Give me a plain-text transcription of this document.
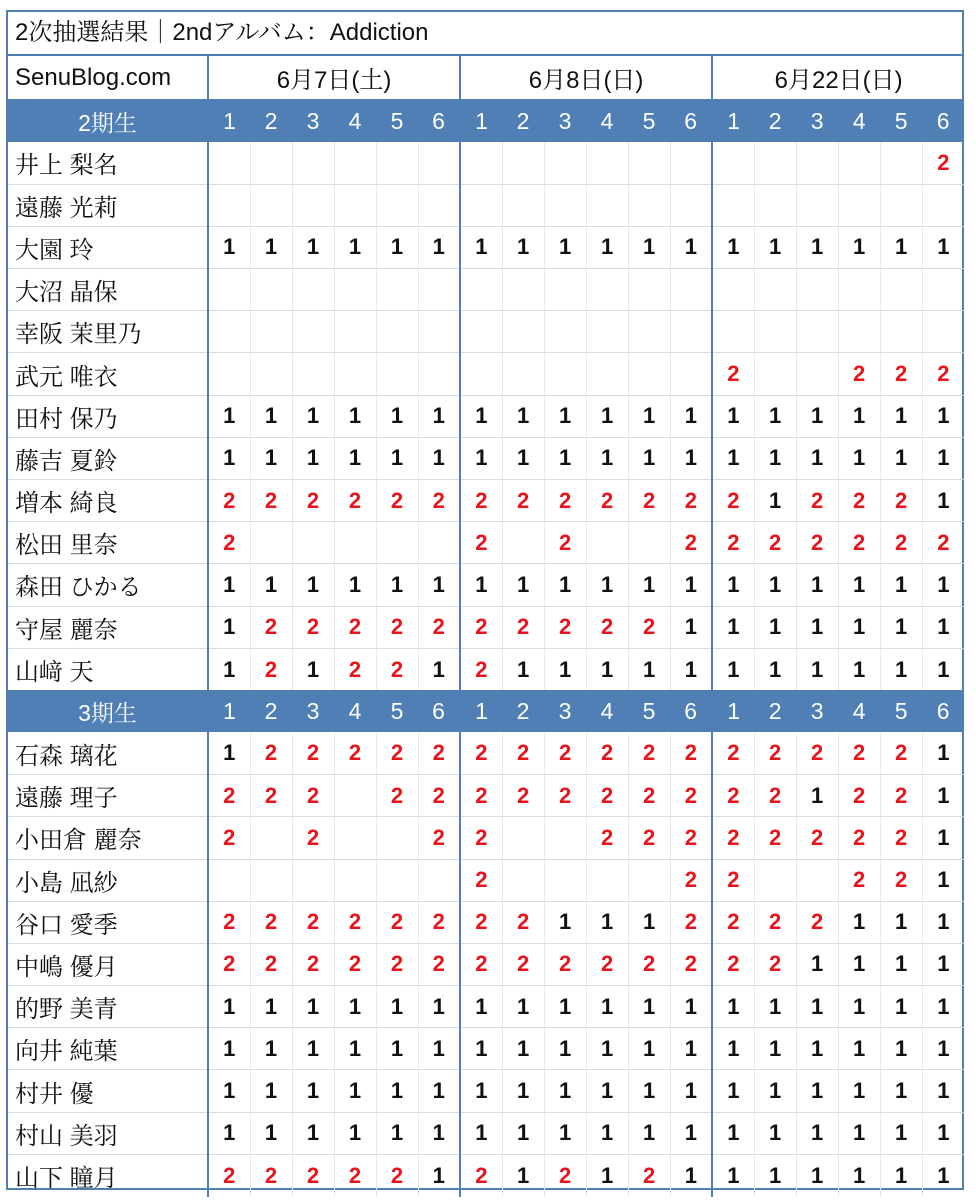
2次抽選結果｜2ndアルバム：Addiction
SenuBlog.com	6月7日(土)						6月8日(日)						6月22日(日)					
2期生	1	2	3	4	5	6	1	2	3	4	5	6	1	2	3	4	5	6
井上 梨名																		2
遠藤 光莉																		
大園 玲	1	1	1	1	1	1	1	1	1	1	1	1	1	1	1	1	1	1
大沼 晶保																		
幸阪 茉里乃																		
武元 唯衣													2			2	2	2
田村 保乃	1	1	1	1	1	1	1	1	1	1	1	1	1	1	1	1	1	1
藤吉 夏鈴	1	1	1	1	1	1	1	1	1	1	1	1	1	1	1	1	1	1
増本 綺良	2	2	2	2	2	2	2	2	2	2	2	2	2	1	2	2	2	1
松田 里奈	2						2		2			2	2	2	2	2	2	2
森田 ひかる	1	1	1	1	1	1	1	1	1	1	1	1	1	1	1	1	1	1
守屋 麗奈	1	2	2	2	2	2	2	2	2	2	2	1	1	1	1	1	1	1
山﨑 天	1	2	1	2	2	1	2	1	1	1	1	1	1	1	1	1	1	1
3期生	1	2	3	4	5	6	1	2	3	4	5	6	1	2	3	4	5	6
石森 璃花	1	2	2	2	2	2	2	2	2	2	2	2	2	2	2	2	2	1
遠藤 理子	2	2	2		2	2	2	2	2	2	2	2	2	2	1	2	2	1
小田倉 麗奈	2		2			2	2			2	2	2	2	2	2	2	2	1
小島 凪紗							2					2	2			2	2	1
谷口 愛季	2	2	2	2	2	2	2	2	1	1	1	2	2	2	2	1	1	1
中嶋 優月	2	2	2	2	2	2	2	2	2	2	2	2	2	2	1	1	1	1
的野 美青	1	1	1	1	1	1	1	1	1	1	1	1	1	1	1	1	1	1
向井 純葉	1	1	1	1	1	1	1	1	1	1	1	1	1	1	1	1	1	1
村井 優	1	1	1	1	1	1	1	1	1	1	1	1	1	1	1	1	1	1
村山 美羽	1	1	1	1	1	1	1	1	1	1	1	1	1	1	1	1	1	1
山下 瞳月	2	2	2	2	2	1	2	1	2	1	2	1	1	1	1	1	1	1
